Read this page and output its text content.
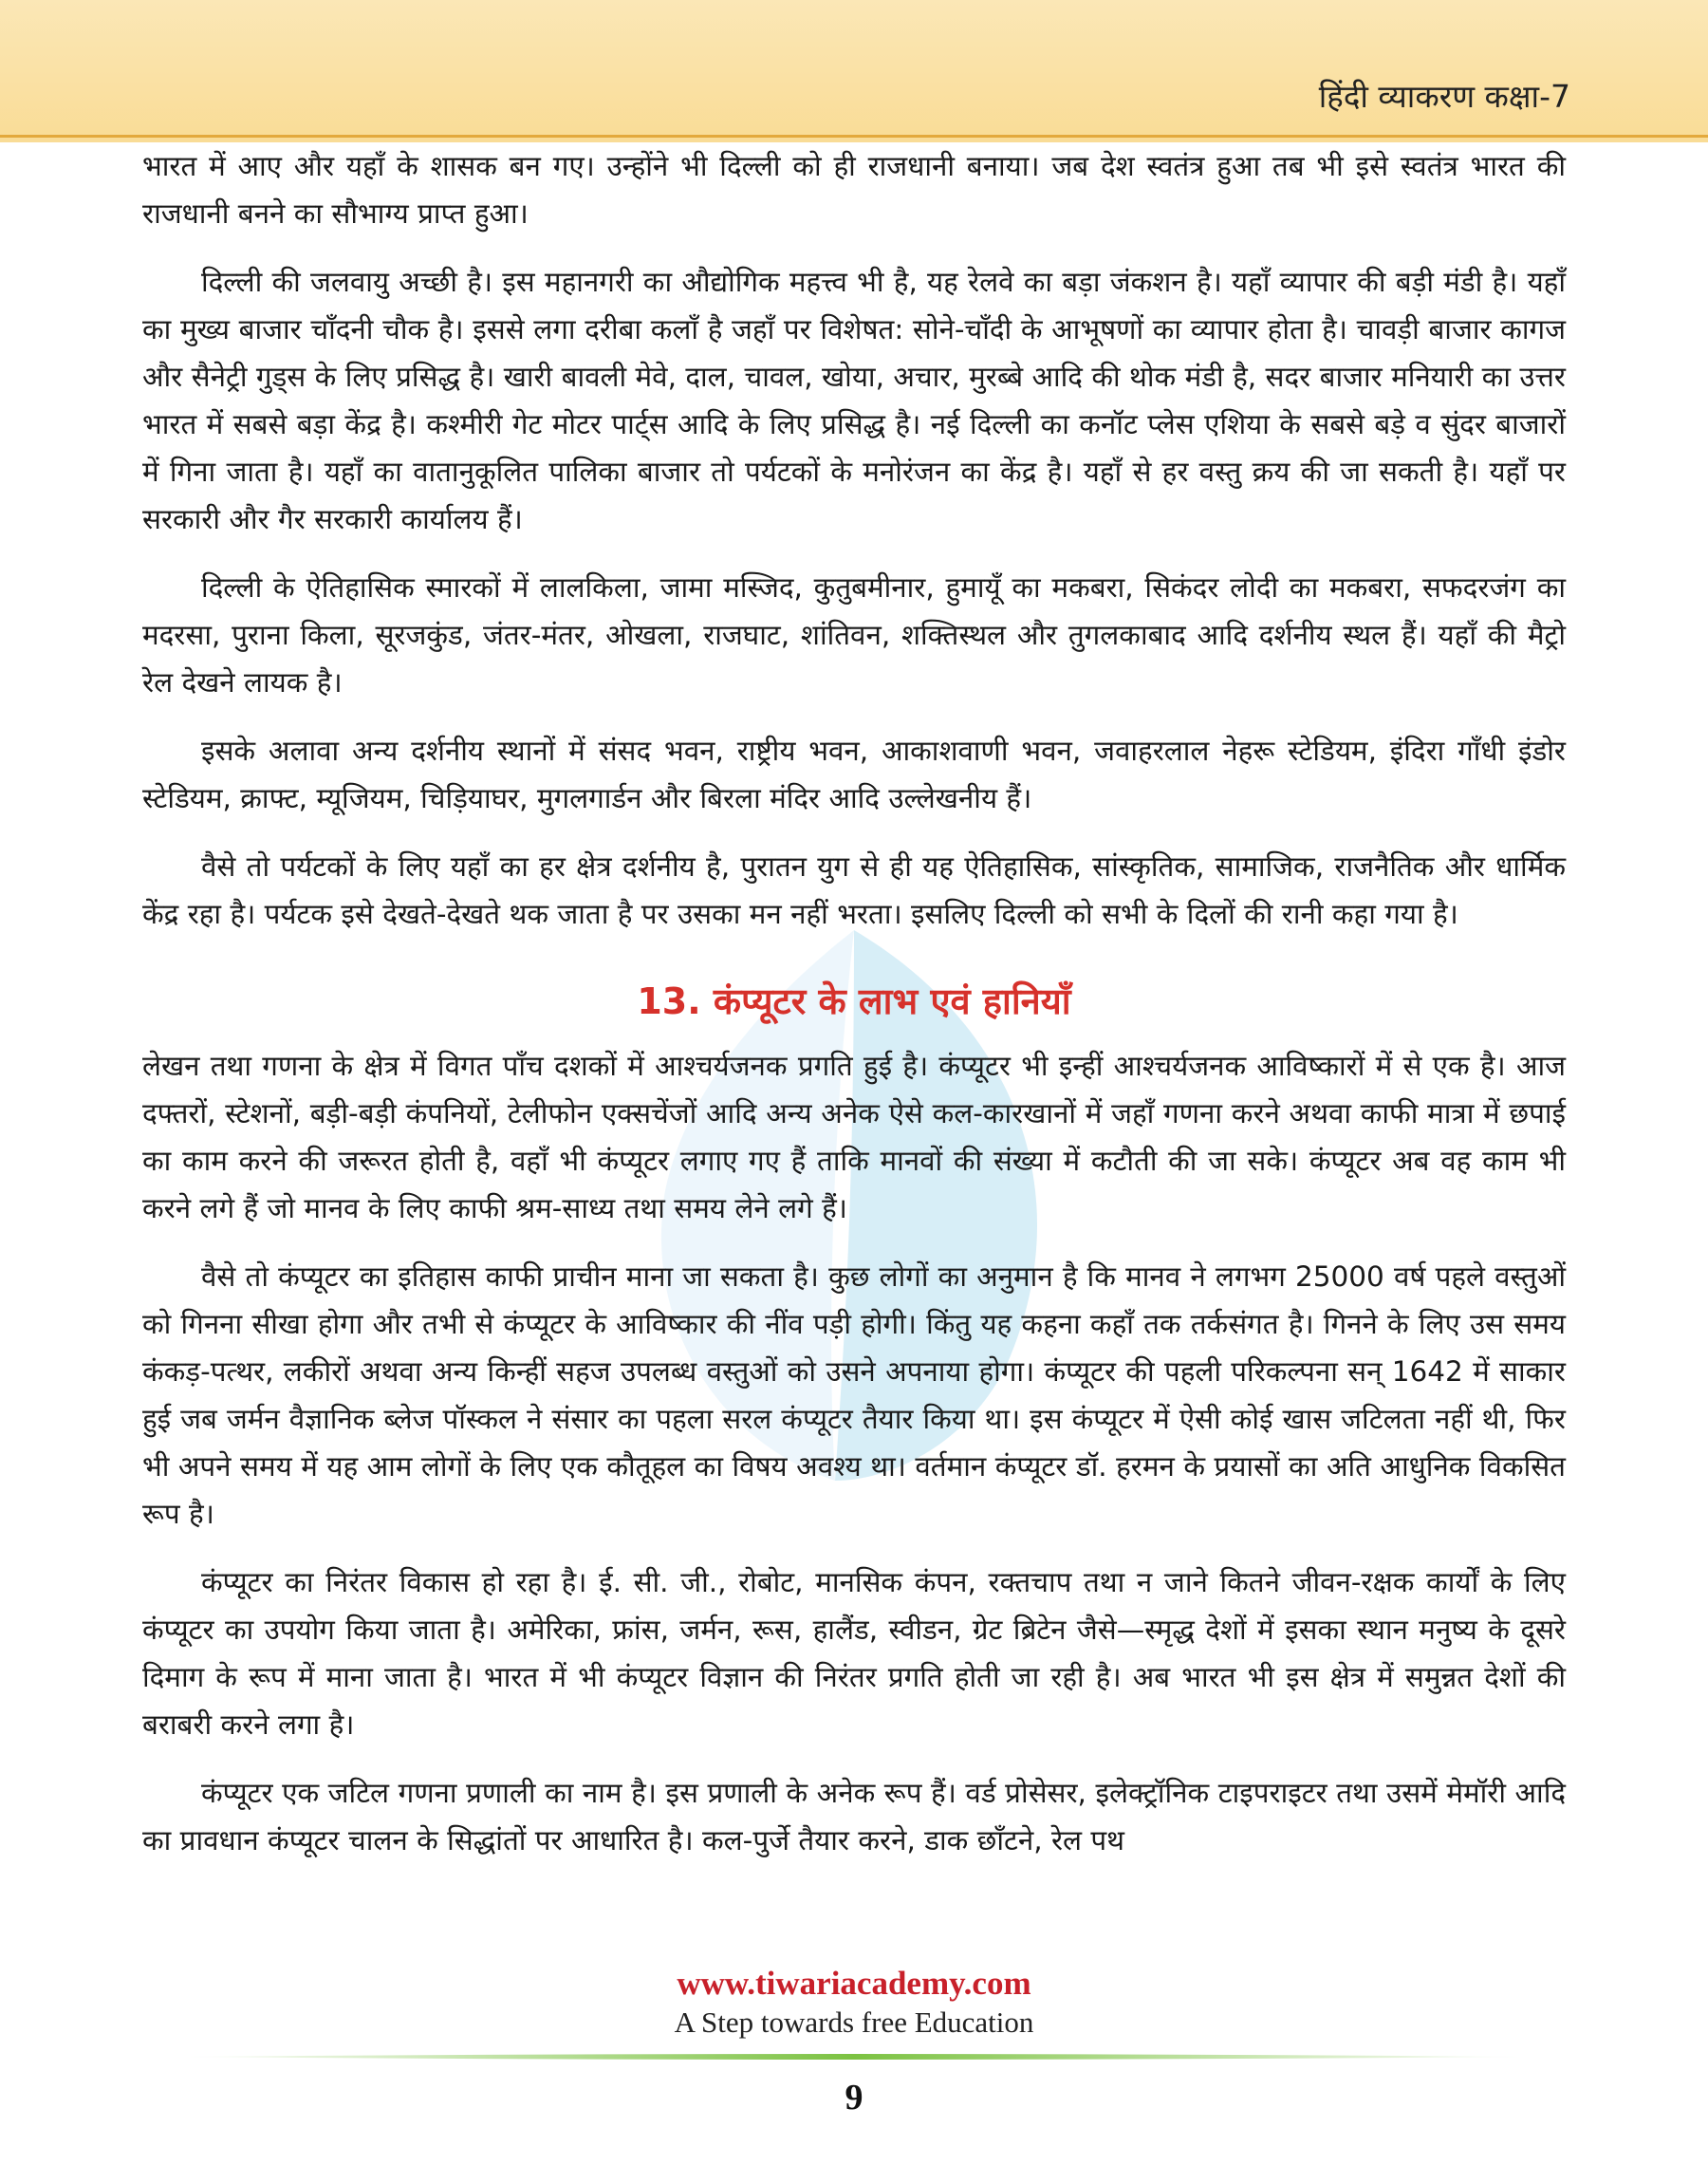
हिंदी व्याकरण कक्षा-7

भारत में आए और यहाँ के शासक बन गए। उन्होंने भी दिल्ली को ही राजधानी बनाया। जब देश स्वतंत्र हुआ तब भी इसे स्वतंत्र भारत की राजधानी बनने का सौभाग्य प्राप्त हुआ।

दिल्ली की जलवायु अच्छी है। इस महानगरी का औद्योगिक महत्त्व भी है, यह रेलवे का बड़ा जंकशन है। यहाँ व्यापार की बड़ी मंडी है। यहाँ का मुख्य बाजार चाँदनी चौक है। इससे लगा दरीबा कलाँ है जहाँ पर विशेषत: सोने-चाँदी के आभूषणों का व्यापार होता है। चावड़ी बाजार कागज और सैनेट्री गुड्स के लिए प्रसिद्ध है। खारी बावली मेवे, दाल, चावल, खोया, अचार, मुरब्बे आदि की थोक मंडी है, सदर बाजार मनियारी का उत्तर भारत में सबसे बड़ा केंद्र है। कश्मीरी गेट मोटर पार्ट्स आदि के लिए प्रसिद्ध है। नई दिल्ली का कनॉट प्लेस एशिया के सबसे बड़े व सुंदर बाजारों में गिना जाता है। यहाँ का वातानुकूलित पालिका बाजार तो पर्यटकों के मनोरंजन का केंद्र है। यहाँ से हर वस्तु क्रय की जा सकती है। यहाँ पर सरकारी और गैर सरकारी कार्यालय हैं।

दिल्ली के ऐतिहासिक स्मारकों में लालकिला, जामा मस्जिद, कुतुबमीनार, हुमायूँ का मकबरा, सिकंदर लोदी का मकबरा, सफदरजंग का मदरसा, पुराना किला, सूरजकुंड, जंतर-मंतर, ओखला, राजघाट, शांतिवन, शक्तिस्थल और तुगलकाबाद आदि दर्शनीय स्थल हैं। यहाँ की मैट्रो रेल देखने लायक है।

इसके अलावा अन्य दर्शनीय स्थानों में संसद भवन, राष्ट्रीय भवन, आकाशवाणी भवन, जवाहरलाल नेहरू स्टेडियम, इंदिरा गाँधी इंडोर स्टेडियम, क्राफ्ट, म्यूजियम, चिड़ियाघर, मुगलगार्डन और बिरला मंदिर आदि उल्लेखनीय हैं।

वैसे तो पर्यटकों के लिए यहाँ का हर क्षेत्र दर्शनीय है, पुरातन युग से ही यह ऐतिहासिक, सांस्कृतिक, सामाजिक, राजनैतिक और धार्मिक केंद्र रहा है। पर्यटक इसे देखते-देखते थक जाता है पर उसका मन नहीं भरता। इसलिए दिल्ली को सभी के दिलों की रानी कहा गया है।

13. कंप्यूटर के लाभ एवं हानियाँ

लेखन तथा गणना के क्षेत्र में विगत पाँच दशकों में आश्चर्यजनक प्रगति हुई है। कंप्यूटर भी इन्हीं आश्चर्यजनक आविष्कारों में से एक है। आज दफ्तरों, स्टेशनों, बड़ी-बड़ी कंपनियों, टेलीफोन एक्सचेंजों आदि अन्य अनेक ऐसे कल-कारखानों में जहाँ गणना करने अथवा काफी मात्रा में छपाई का काम करने की जरूरत होती है, वहाँ भी कंप्यूटर लगाए गए हैं ताकि मानवों की संख्या में कटौती की जा सके। कंप्यूटर अब वह काम भी करने लगे हैं जो मानव के लिए काफी श्रम-साध्य तथा समय लेने लगे हैं।

वैसे तो कंप्यूटर का इतिहास काफी प्राचीन माना जा सकता है। कुछ लोगों का अनुमान है कि मानव ने लगभग 25000 वर्ष पहले वस्तुओं को गिनना सीखा होगा और तभी से कंप्यूटर के आविष्कार की नींव पड़ी होगी। किंतु यह कहना कहाँ तक तर्कसंगत है। गिनने के लिए उस समय कंकड़-पत्थर, लकीरों अथवा अन्य किन्हीं सहज उपलब्ध वस्तुओं को उसने अपनाया होगा। कंप्यूटर की पहली परिकल्पना सन् 1642 में साकार हुई जब जर्मन वैज्ञानिक ब्लेज पॉस्कल ने संसार का पहला सरल कंप्यूटर तैयार किया था। इस कंप्यूटर में ऐसी कोई खास जटिलता नहीं थी, फिर भी अपने समय में यह आम लोगों के लिए एक कौतूहल का विषय अवश्य था। वर्तमान कंप्यूटर डॉ. हरमन के प्रयासों का अति आधुनिक विकसित रूप है।

कंप्यूटर का निरंतर विकास हो रहा है। ई. सी. जी., रोबोट, मानसिक कंपन, रक्तचाप तथा न जाने कितने जीवन-रक्षक कार्यों के लिए कंप्यूटर का उपयोग किया जाता है। अमेरिका, फ्रांस, जर्मन, रूस, हालैंड, स्वीडन, ग्रेट ब्रिटेन जैसे—स्मृद्ध देशों में इसका स्थान मनुष्य के दूसरे दिमाग के रूप में माना जाता है। भारत में भी कंप्यूटर विज्ञान की निरंतर प्रगति होती जा रही है। अब भारत भी इस क्षेत्र में समुन्नत देशों की बराबरी करने लगा है।

कंप्यूटर एक जटिल गणना प्रणाली का नाम है। इस प्रणाली के अनेक रूप हैं। वर्ड प्रोसेसर, इलेक्ट्रॉनिक टाइपराइटर तथा उसमें मेमॉरी आदि का प्रावधान कंप्यूटर चालन के सिद्धांतों पर आधारित है। कल-पुर्जे तैयार करने, डाक छाँटने, रेल पथ

www.tiwariacademy.com
A Step towards free Education
9
